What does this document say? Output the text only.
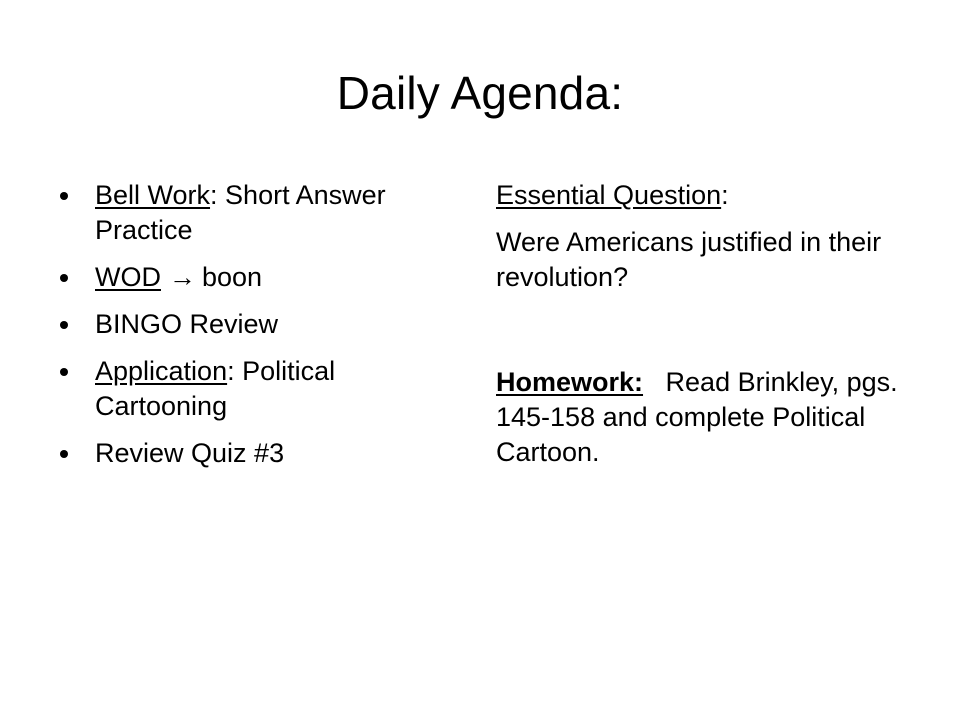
Daily Agenda:
Bell Work: Short Answer Practice
WOD → boon
BINGO Review
Application: Political Cartooning
Review Quiz #3

Essential Question:

Were Americans justified in their revolution?

Homework: Read Brinkley, pgs. 145-158 and complete Political Cartoon.
